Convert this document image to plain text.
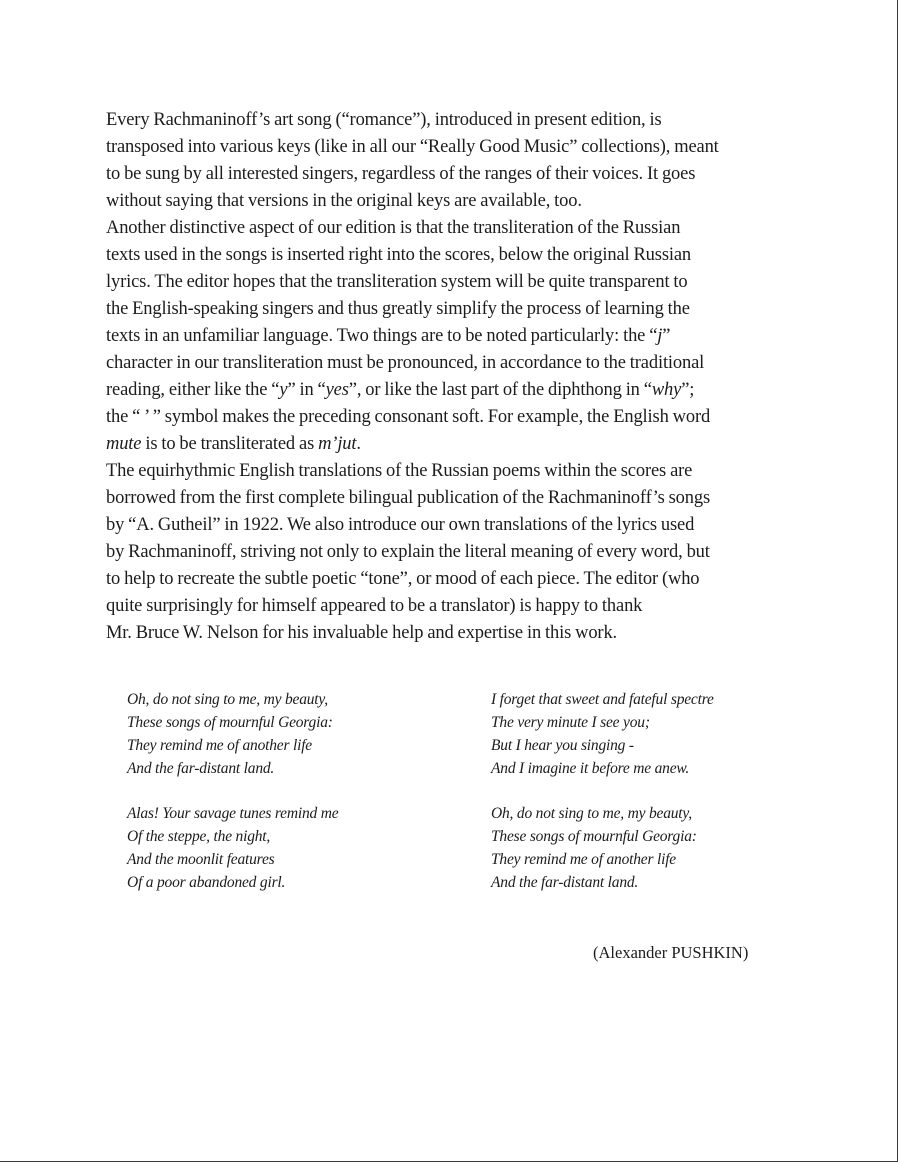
Every Rachmaninoff’s art song (“romance”), introduced in present edition, is
transposed into various keys (like in all our “Really Good Music” collections), meant
to be sung by all interested singers, regardless of the ranges of their voices. It goes
without saying that versions in the original keys are available, too.

Another distinctive aspect of our edition is that the transliteration of the Russian
texts used in the songs is inserted right into the scores, below the original Russian
lyrics. The editor hopes that the transliteration system will be quite transparent to
the English-speaking singers and thus greatly simplify the process of learning the
texts in an unfamiliar language. Two things are to be noted particularly: the “j”
character in our transliteration must be pronounced, in accordance to the traditional
reading, either like the “y” in “yes”, or like the last part of the diphthong in “why”;
the “ ’ ” symbol makes the preceding consonant soft. For example, the English word
mute is to be transliterated as m’jut.

The equirhythmic English translations of the Russian poems within the scores are
borrowed from the first complete bilingual publication of the Rachmaninoff’s songs
by “A. Gutheil” in 1922. We also introduce our own translations of the lyrics used
by Rachmaninoff, striving not only to explain the literal meaning of every word, but
to help to recreate the subtle poetic “tone”, or mood of each piece. The editor (who
quite surprisingly for himself appeared to be a translator) is happy to thank
Mr. Bruce W. Nelson for his invaluable help and expertise in this work.

Oh, do not sing to me, my beauty,
These songs of mournful Georgia:
They remind me of another life
And the far-distant land.
Alas! Your savage tunes remind me
Of the steppe, the night,
And the moonlit features
Of a poor abandoned girl.
I forget that sweet and fateful spectre
The very minute I see you;
But I hear you singing -
And I imagine it before me anew.
Oh, do not sing to me, my beauty,
These songs of mournful Georgia:
They remind me of another life
And the far-distant land.
(Alexander PUSHKIN)
